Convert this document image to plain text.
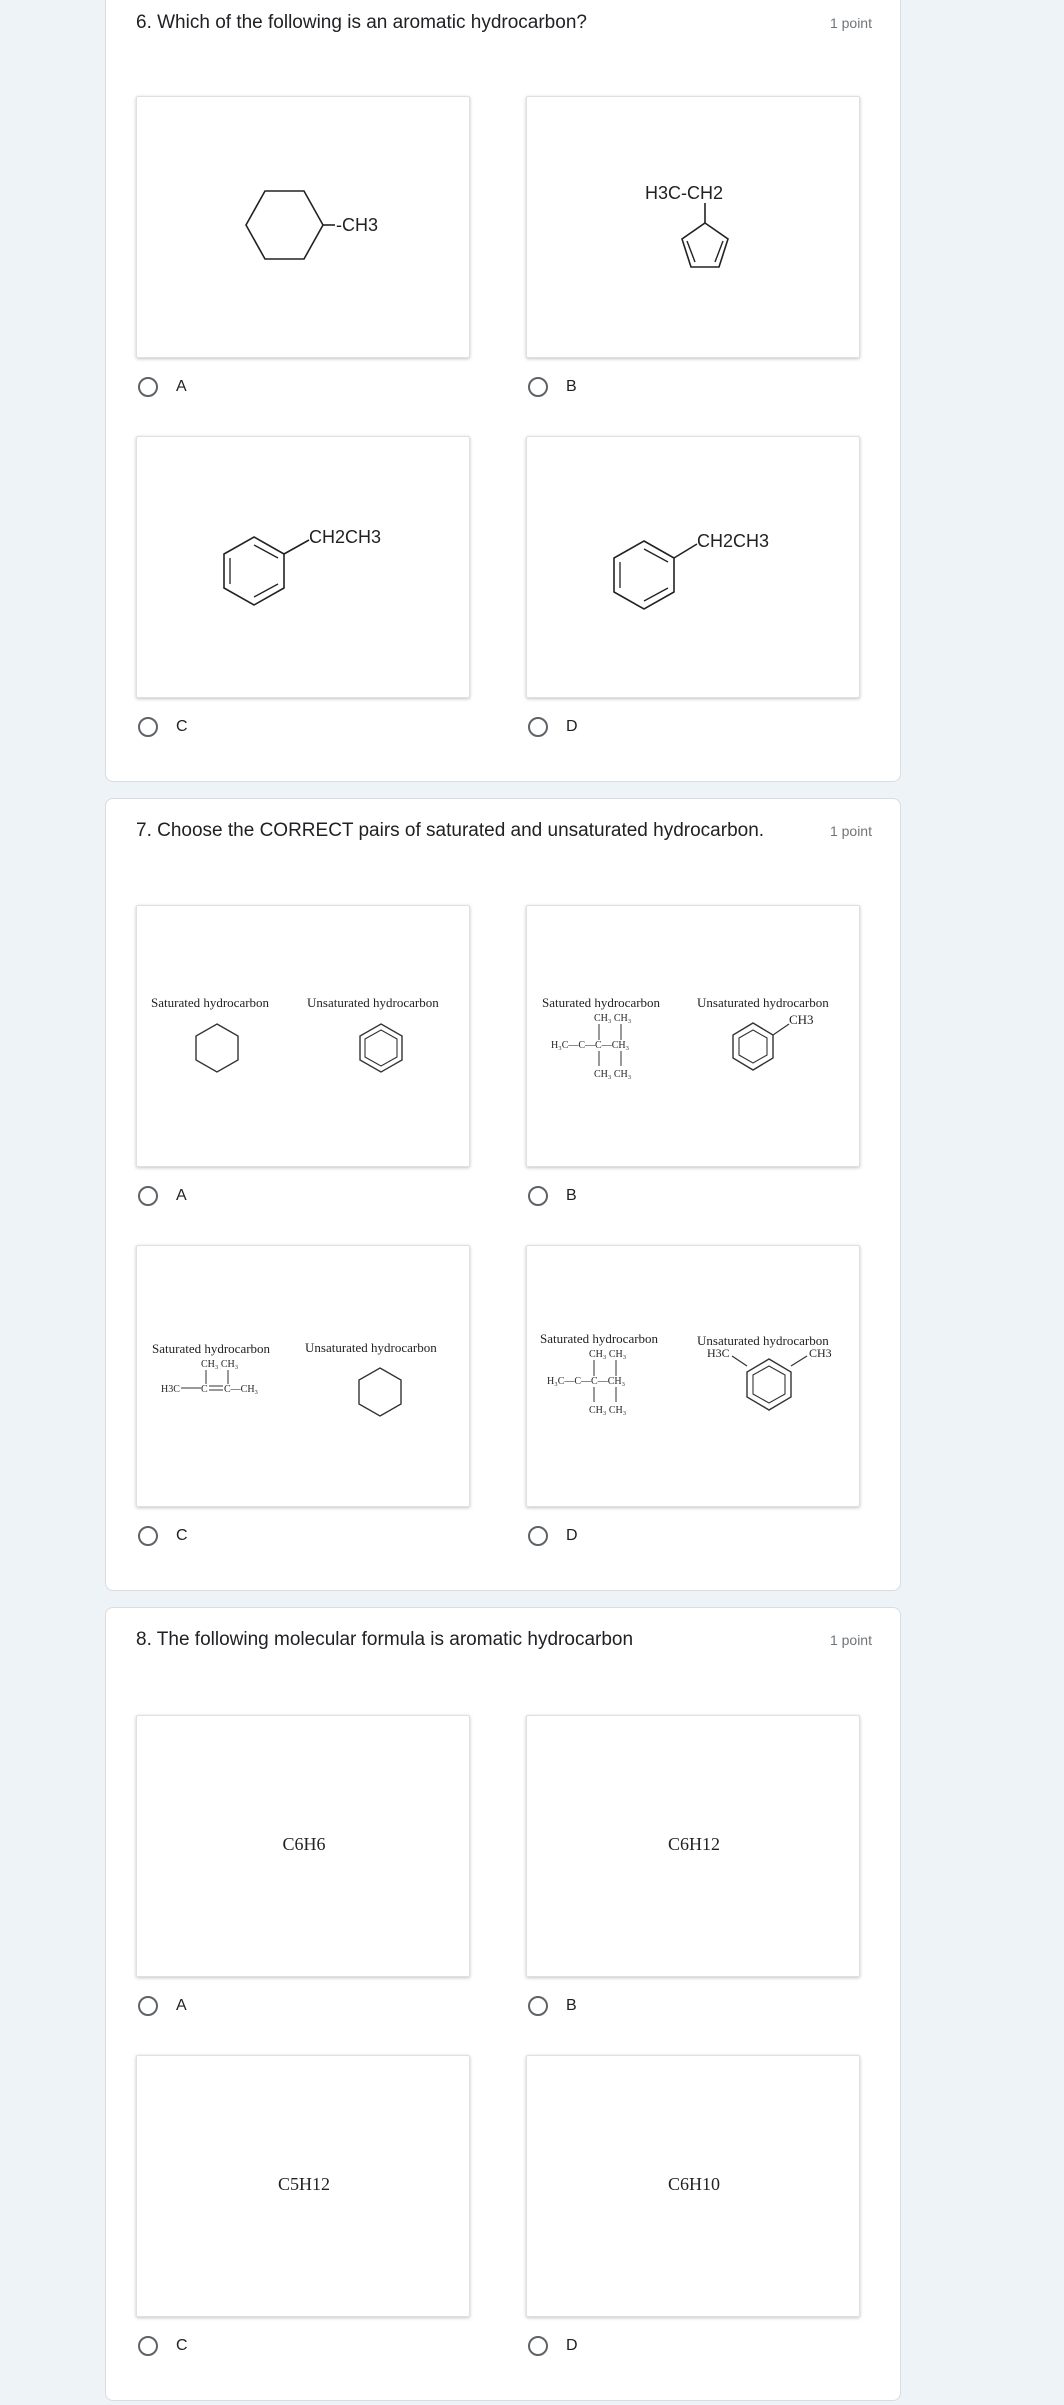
6. Which of the following is an aromatic hydrocarbon?	1 point
-CH3
A
H3C-CH2
B
CH2CH3
C
CH2CH3
D
7. Choose the CORRECT pairs of saturated and unsaturated hydrocarbon.	1 point
Saturated hydrocarbon	Unsaturated hydrocarbon
A
Saturated hydrocarbon	Unsaturated hydrocarbon
CH₃ CH₃
H₃C—C—C—CH₃
CH₃ CH₃
CH3
B
Saturated hydrocarbon	Unsaturated hydrocarbon
CH₃ CH₃
H3C C C—CH₃
C
Saturated hydrocarbon	Unsaturated hydrocarbon
CH₃ CH₃
H₃C—C—C—CH₃
CH₃ CH₃
H3C	CH3
D
8. The following molecular formula is aromatic hydrocarbon	1 point
C6H6
A
C6H12
B
C5H12
C
C6H10
D
